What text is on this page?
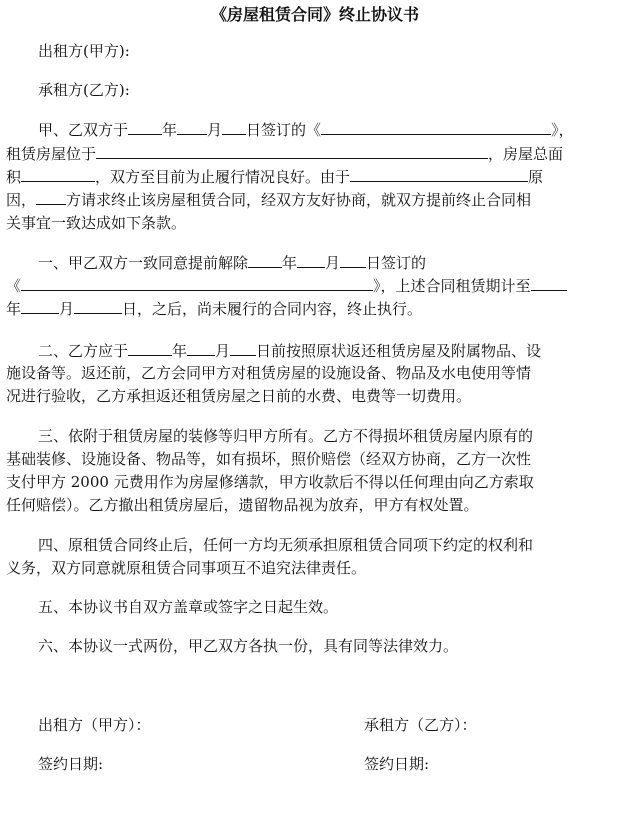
《房屋租赁合同》终止协议书
出租方(甲方):
承租方(乙方):
甲、乙双方于 年 月 日签订的《	》，
租赁房屋位于	，房屋总面
积	，双方至目前为止履行情况良好。由于	原
因， 方请求终止该房屋租赁合同，经双方友好协商，就双方提前终止合同相
关事宜一致达成如下条款。
一、甲乙双方一致同意提前解除 年 月 日签订的
《	》，上述合同租赁期计至
年	月	日，之后，尚未履行的合同内容，终止执行。
二、乙方应于	年 月 日前按照原状返还租赁房屋及附属物品、设
施设备等。返还前，乙方会同甲方对租赁房屋的设施设备、物品及水电使用等情
况进行验收，乙方承担返还租赁房屋之日前的水费、电费等一切费用。
三、依附于租赁房屋的装修等归甲方所有。乙方不得损坏租赁房屋内原有的
基础装修、设施设备、物品等，如有损坏，照价赔偿（经双方协商，乙方一次性
支付甲方 2000 元费用作为房屋修缮款，甲方收款后不得以任何理由向乙方索取
任何赔偿）。乙方撤出租赁房屋后，遗留物品视为放弃，甲方有权处置。
四、原租赁合同终止后，任何一方均无须承担原租赁合同项下约定的权利和
义务，双方同意就原租赁合同事项互不追究法律责任。
五、本协议书自双方盖章或签字之日起生效。
六、本协议一式两份，甲乙双方各执一份，具有同等法律效力。
出租方（甲方）：	承租方（乙方）：
签约日期:	签约日期:
